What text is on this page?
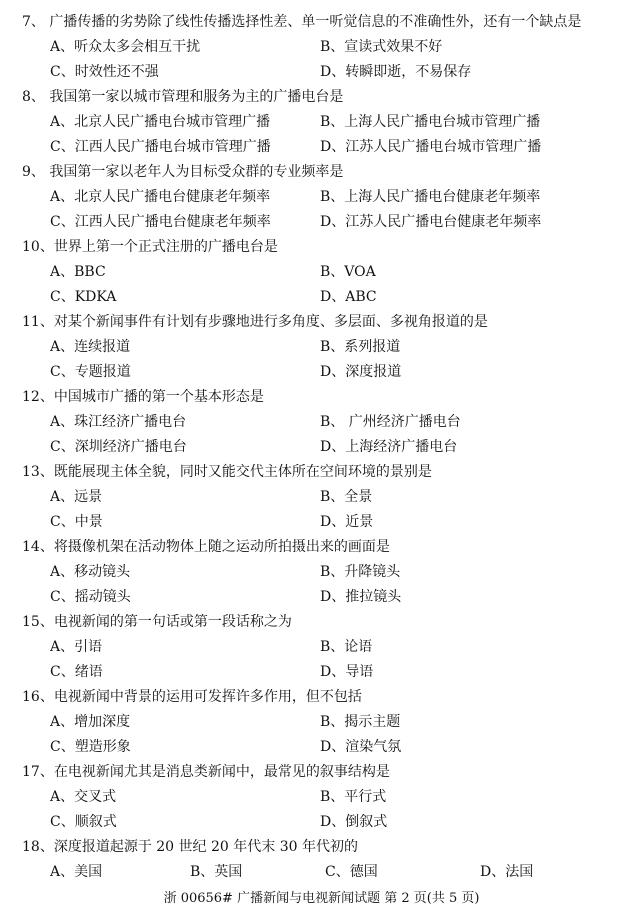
7、 广播传播的劣势除了线性传播选择性差、单一听觉信息的不准确性外，还有一个缺点是
A、听众太多会相互干扰	B、宣读式效果不好
C、时效性还不强	D、转瞬即逝，不易保存
8、 我国第一家以城市管理和服务为主的广播电台是
A、北京人民广播电台城市管理广播	B、上海人民广播电台城市管理广播
C、江西人民广播电台城市管理广播	D、江苏人民广播电台城市管理广播
9、 我国第一家以老年人为目标受众群的专业频率是
A、北京人民广播电台健康老年频率	B、上海人民广播电台健康老年频率
C、江西人民广播电台健康老年频率	D、江苏人民广播电台健康老年频率
10、世界上第一个正式注册的广播电台是
A、BBC	B、VOA
C、KDKA	D、ABC
11、对某个新闻事件有计划有步骤地进行多角度、多层面、多视角报道的是
A、连续报道	B、系列报道
C、专题报道	D、深度报道
12、中国城市广播的第一个基本形态是
A、珠江经济广播电台	B、 广州经济广播电台
C、深圳经济广播电台	D、上海经济广播电台
13、既能展现主体全貌，同时又能交代主体所在空间环境的景别是
A、远景	B、全景
C、中景	D、近景
14、将摄像机架在活动物体上随之运动所拍摄出来的画面是
A、移动镜头	B、升降镜头
C、摇动镜头	D、推拉镜头
15、电视新闻的第一句话或第一段话称之为
A、引语	B、论语
C、绪语	D、导语
16、电视新闻中背景的运用可发挥许多作用，但不包括
A、增加深度	B、揭示主题
C、塑造形象	D、渲染气氛
17、在电视新闻尤其是消息类新闻中，最常见的叙事结构是
A、交叉式	B、平行式
C、顺叙式	D、倒叙式
18、深度报道起源于 20 世纪 20 年代末 30 年代初的
A、美国	B、英国	C、德国	D、法国
浙 00656# 广播新闻与电视新闻试题 第 2 页(共 5 页)
